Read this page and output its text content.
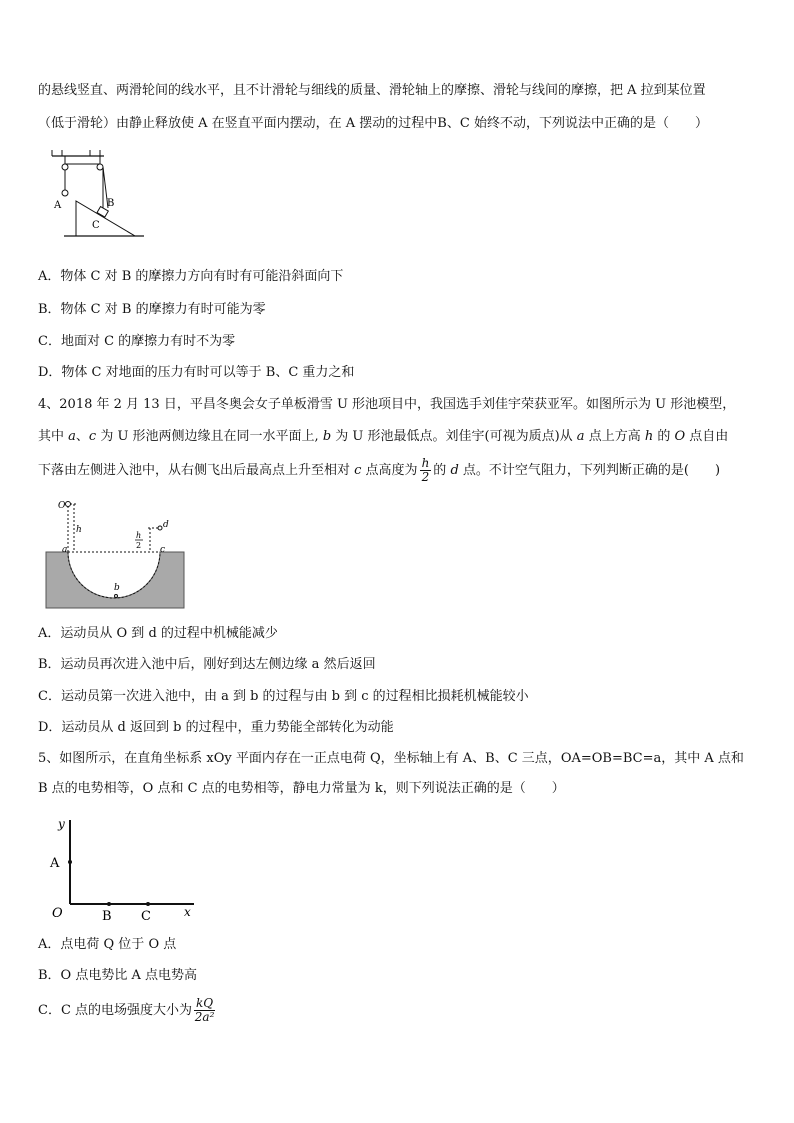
的悬线竖直、两滑轮间的线水平，且不计滑轮与细线的质量、滑轮轴上的摩擦、滑轮与线间的摩擦，把 A 拉到某位置
（低于滑轮）由静止释放使 A 在竖直平面内摆动，在 A 摆动的过程中B、C 始终不动，下列说法中正确的是（　　）
A	B
C
A．物体 C 对 B 的摩擦力方向有时有可能沿斜面向下
B．物体 C 对 B 的摩擦力有时可能为零
C．地面对 C 的摩擦力有时不为零
D．物体 C 对地面的压力有时可以等于 B、C 重力之和
4、2018 年 2 月 13 日，平昌冬奥会女子单板滑雪 U 形池项目中，我国选手刘佳宇荣获亚军。如图所示为 U 形池模型，
其中 a、c 为 U 形池两侧边缘且在同一水平面上, b 为 U 形池最低点。刘佳宇(可视为质点)从 a 点上方高 h 的 O 点自由
下落由左侧进入池中，从右侧飞出后最高点上升至相对 c 点高度为 $\frac{h}{2}$ 的 d 点。不计空气阻力，下列判断正确的是(　　)
O
h
h
2
d
a	c
b
A．运动员从 O 到 d 的过程中机械能减少
B．运动员再次进入池中后，刚好到达左侧边缘 a 然后返回
C．运动员第一次进入池中，由 a 到 b 的过程与由 b 到 c 的过程相比损耗机械能较小
D．运动员从 d 返回到 b 的过程中，重力势能全部转化为动能
5、如图所示，在直角坐标系 xOy 平面内存在一正点电荷 Q，坐标轴上有 A、B、C 三点，OA=OB=BC=a，其中 A 点和
B 点的电势相等，O 点和 C 点的电势相等，静电力常量为 k，则下列说法正确的是（　　）
y
A
O	B C	x
A．点电荷 Q 位于 O 点
B．O 点电势比 A 点电势高
C．C 点的电场强度大小为 $\frac{kQ}{\text{2a²}}$
